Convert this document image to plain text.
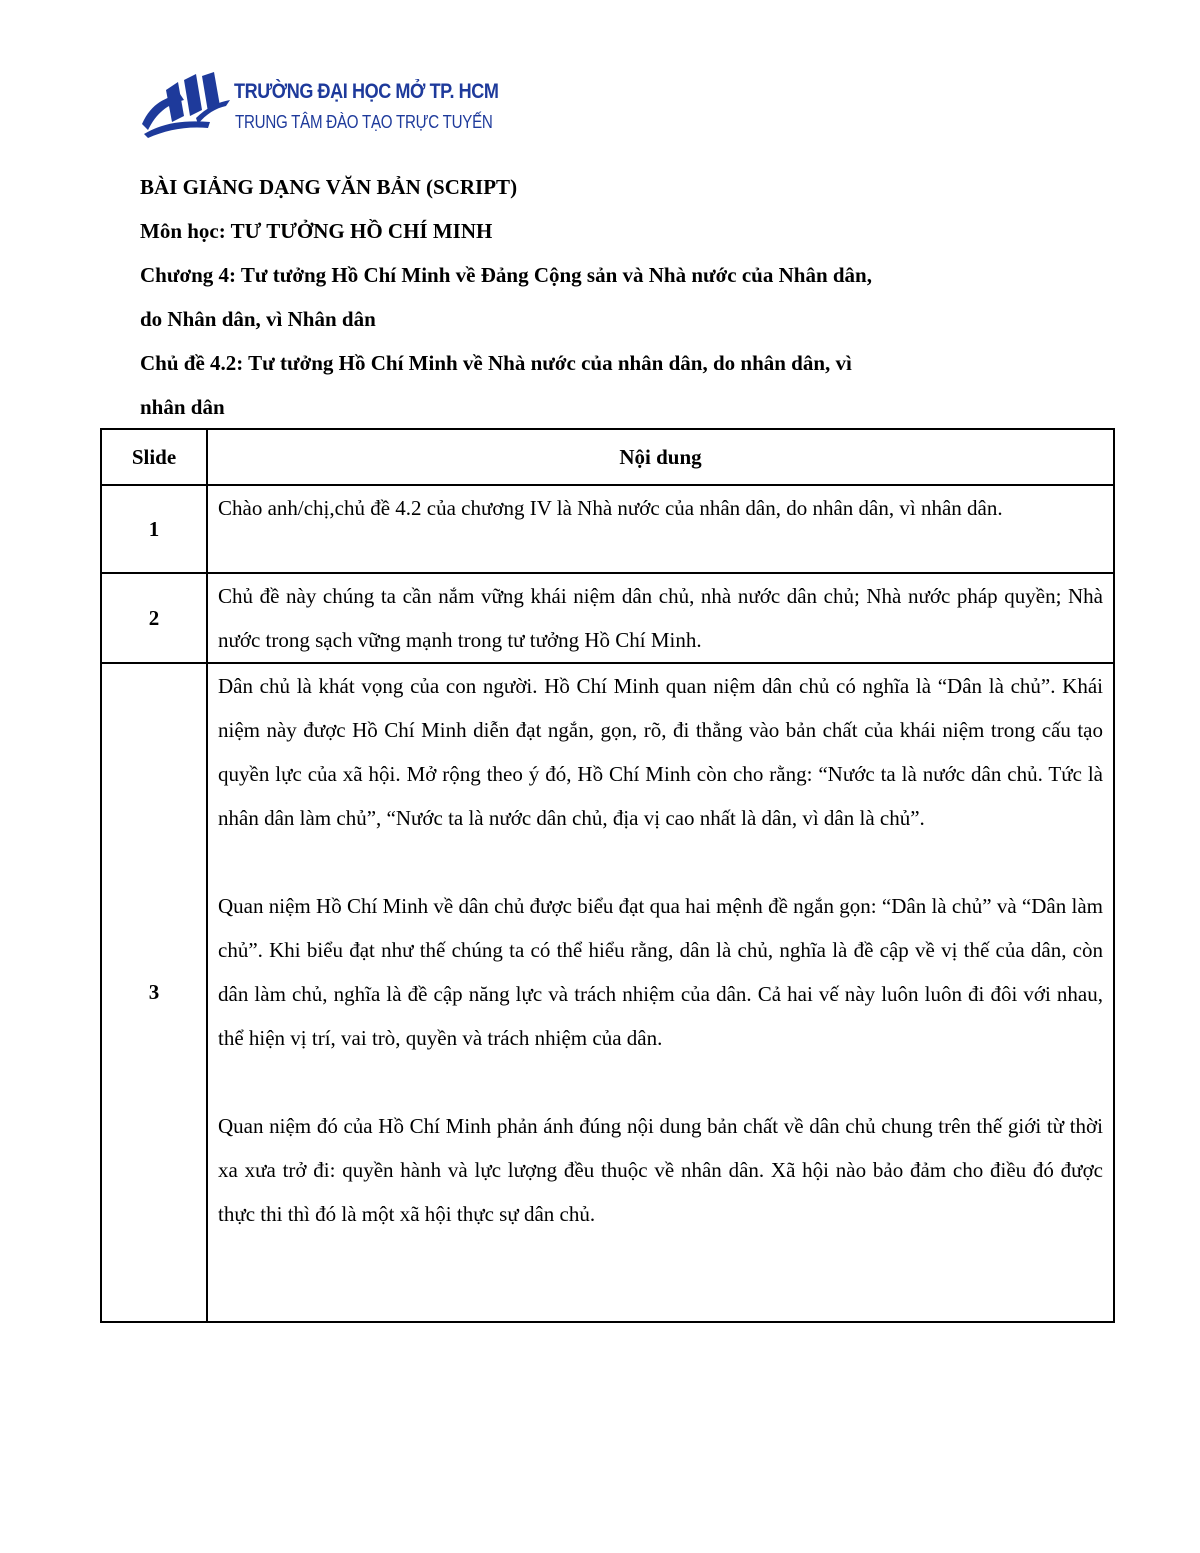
TRƯỜNG ĐẠI HỌC MỞ TP. HCM
TRUNG TÂM ĐÀO TẠO TRỰC TUYẾN

BÀI GIẢNG DẠNG VĂN BẢN (SCRIPT)

Môn học: TƯ TƯỞNG HỒ CHÍ MINH

Chương 4: Tư tưởng Hồ Chí Minh về Đảng Cộng sản và Nhà nước của Nhân dân,

do Nhân dân, vì Nhân dân

Chủ đề 4.2: Tư tưởng Hồ Chí Minh về Nhà nước của nhân dân, do nhân dân, vì

nhân dân

Slide	Nội dung
1	Chào anh/chị,chủ đề 4.2 của chương IV là Nhà nước của nhân dân, do nhân dân, vì nhân dân.

2	Chủ đề này chúng ta cần nắm vững khái niệm dân chủ, nhà nước dân chủ; Nhà nước pháp quyền; Nhà nước trong sạch vững mạnh trong tư tưởng Hồ Chí Minh.

3	Dân chủ là khát vọng của con người. Hồ Chí Minh quan niệm dân chủ có nghĩa là “Dân là chủ”. Khái niệm này được Hồ Chí Minh diễn đạt ngắn, gọn, rõ, đi thẳng vào bản chất của khái niệm trong cấu tạo quyền lực của xã hội. Mở rộng theo ý đó, Hồ Chí Minh còn cho rằng: “Nước ta là nước dân chủ. Tức là nhân dân làm chủ”, “Nước ta là nước dân chủ, địa vị cao nhất là dân, vì dân là chủ”.

Quan niệm Hồ Chí Minh về dân chủ được biểu đạt qua hai mệnh đề ngắn gọn: “Dân là chủ” và “Dân làm chủ”. Khi biểu đạt như thế chúng ta có thể hiểu rằng, dân là chủ, nghĩa là đề cập về vị thế của dân, còn dân làm chủ, nghĩa là đề cập năng lực và trách nhiệm của dân. Cả hai vế này luôn luôn đi đôi với nhau, thể hiện vị trí, vai trò, quyền và trách nhiệm của dân.

Quan niệm đó của Hồ Chí Minh phản ánh đúng nội dung bản chất về dân chủ chung trên thế giới từ thời xa xưa trở đi: quyền hành và lực lượng đều thuộc về nhân dân. Xã hội nào bảo đảm cho điều đó được thực thi thì đó là một xã hội thực sự dân chủ.
